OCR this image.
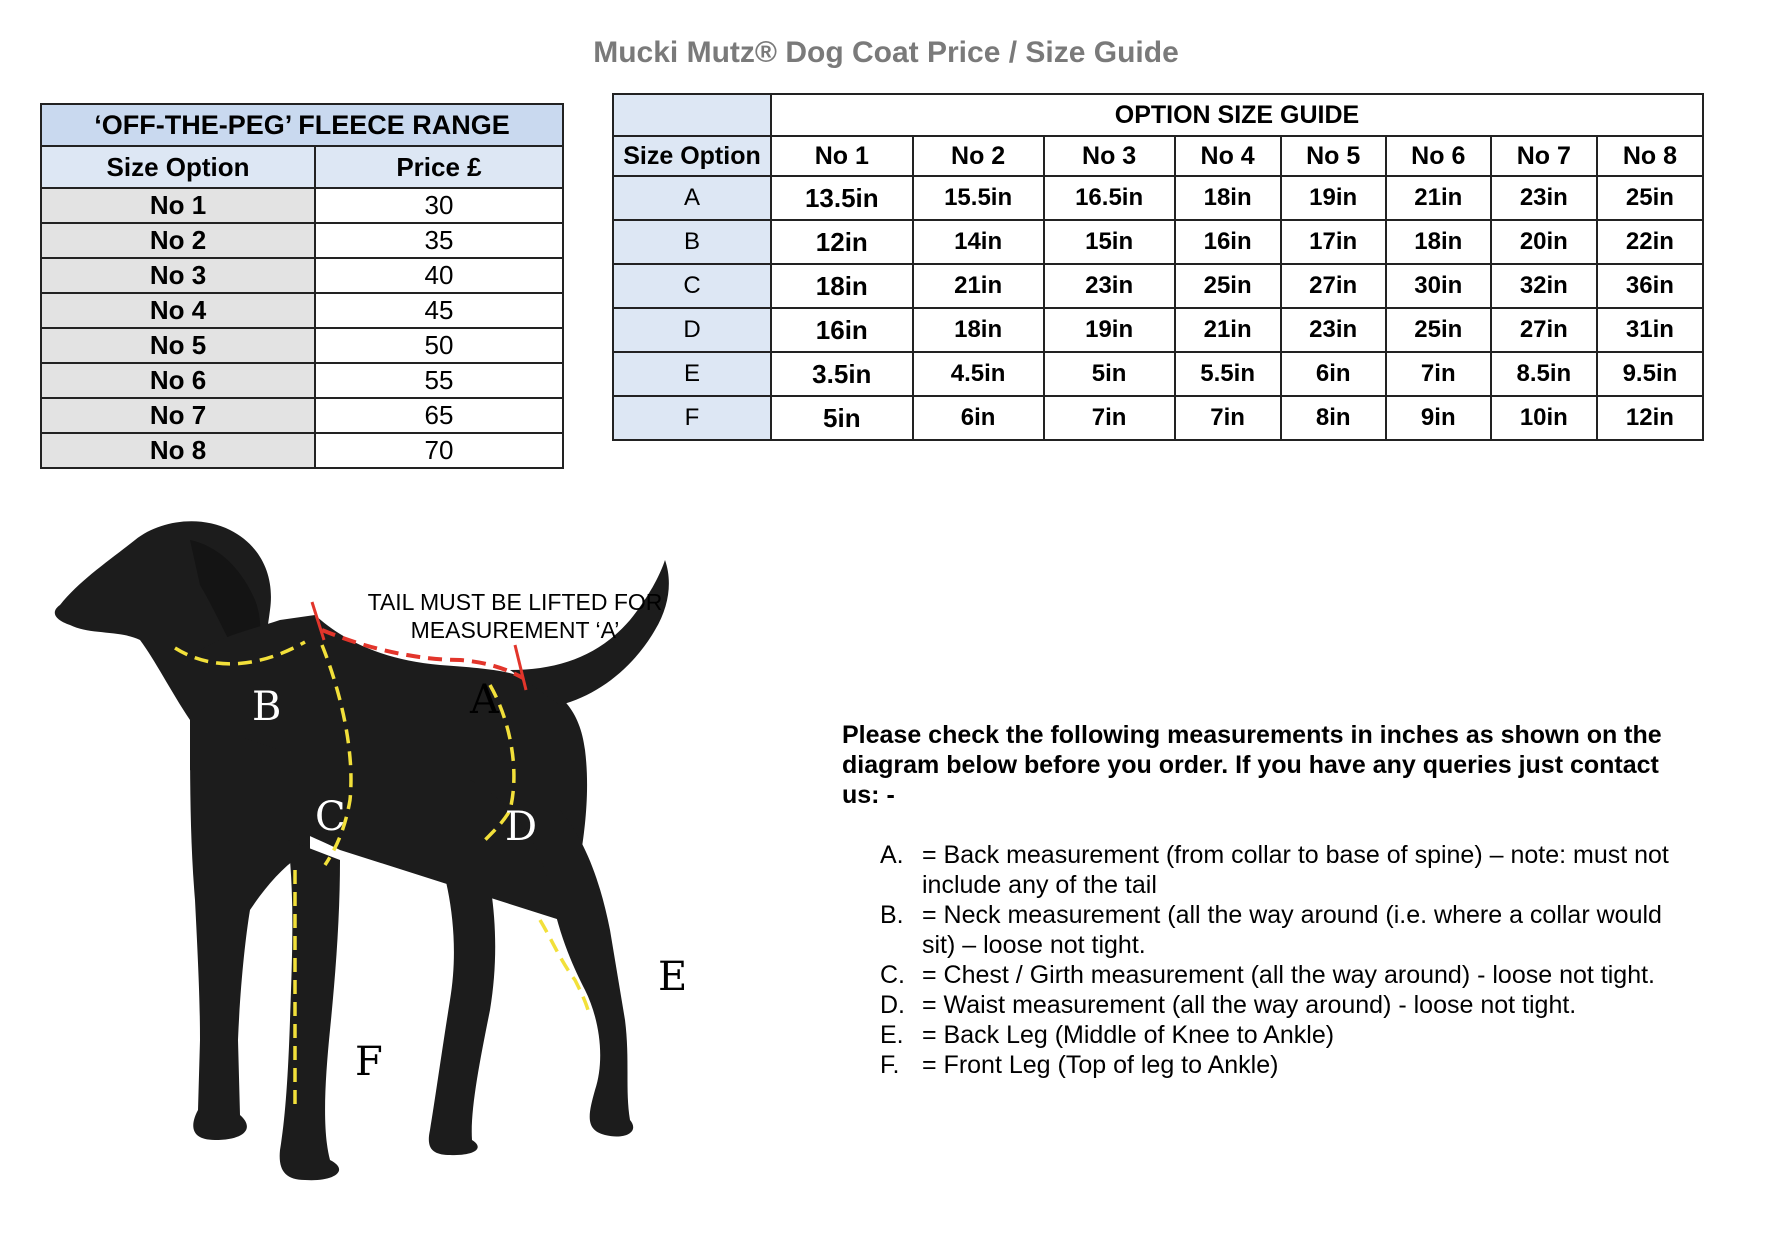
Mucki Mutz® Dog Coat Price / Size Guide
‘OFF-THE-PEG’ FLEECE RANGE	
Size Option	Price £
No 1	30
No 2	35
No 3	40
No 4	45
No 5	50
No 6	55
No 7	65
No 8	70
	OPTION SIZE GUIDE							
Size Option	No 1	No 2	No 3	No 4	No 5	No 6	No 7	No 8
A	13.5in	15.5in	16.5in	18in	19in	21in	23in	25in
B	12in	14in	15in	16in	17in	18in	20in	22in
C	18in	21in	23in	25in	27in	30in	32in	36in
D	16in	18in	19in	21in	23in	25in	27in	31in
E	3.5in	4.5in	5in	5.5in	6in	7in	8.5in	9.5in
F	5in	6in	7in	7in	8in	9in	10in	12in
A
B
C	D
E
F
TAIL MUST BE LIFTED FOR
MEASUREMENT ‘A’
Please check the following measurements in inches as shown on the diagram below before you order. If you have any queries just contact us: -
A. = Back measurement (from collar to base of spine) – note: must not include any of the tail
B. = Neck measurement (all the way around (i.e. where a collar would sit) – loose not tight.
C. = Chest / Girth measurement (all the way around) - loose not tight.
D. = Waist measurement (all the way around) - loose not tight.
E. = Back Leg (Middle of Knee to Ankle)
F. = Front Leg (Top of leg to Ankle)
